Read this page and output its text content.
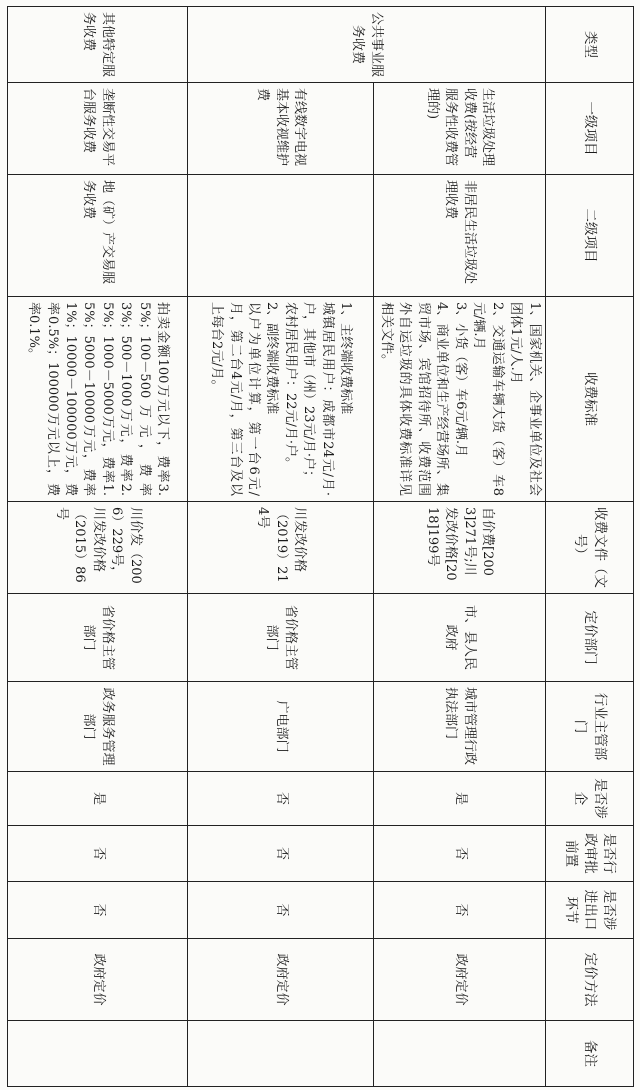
类型	一级项目	二级项目	收费标准	收费文件（文号）	定价部门	行业主管部门	是否涉企	是否行政审批前置	是否涉进出口环节	定价方法	备注
公共事业服务收费	生活垃圾处理收费(按经营服务性收费管理的)	非居民生活垃圾处理收费	1、国家机关、企事业单位及社会团体1元/人.月
2、交通运输车辆大货（客）车8元/辆.月
3、小货（客）车6元/辆.月
4、商业单位和生产经营场所、集贸市场、宾馆招待所、收费范围外自运垃圾的具体收费标准详见相关文件。	自价费[2003]271号;川发改价格[2018]199号	市、县人民政府	城市管理行政执法部门	是	否	否	政府定价	
	有线数字电视基本收视维护费		1、主终端收费标准
城镇居民用户：成都市24元/月·户，其他市（州）23元/月·户；
农村居民用户：22元/月·户。
2、副终端收费标准
以户为单位计算，第一台6元/月，第二台4元/月，第三台及以上每台2元/月。	川发改价格（2019）214号	省价格主管部门	广电部门	否	否	否	政府定价	
其他特定服务收费	垄断性交易平台服务收费	地（矿）产交易服务收费	拍卖金额100万元以下，费率3.5%；100－500万元，费率3%；500－1000万元，费率2.5%；1000－5000万元，费率1.5%；5000－10000万元，费率1%；10000－100000万元，费率0.5%；100000万元以上，费率0.1%。	川价发（2006）229号，川发改价格（2015）86号	省价格主管部门	政务服务管理部门	是	否	否	政府定价	
